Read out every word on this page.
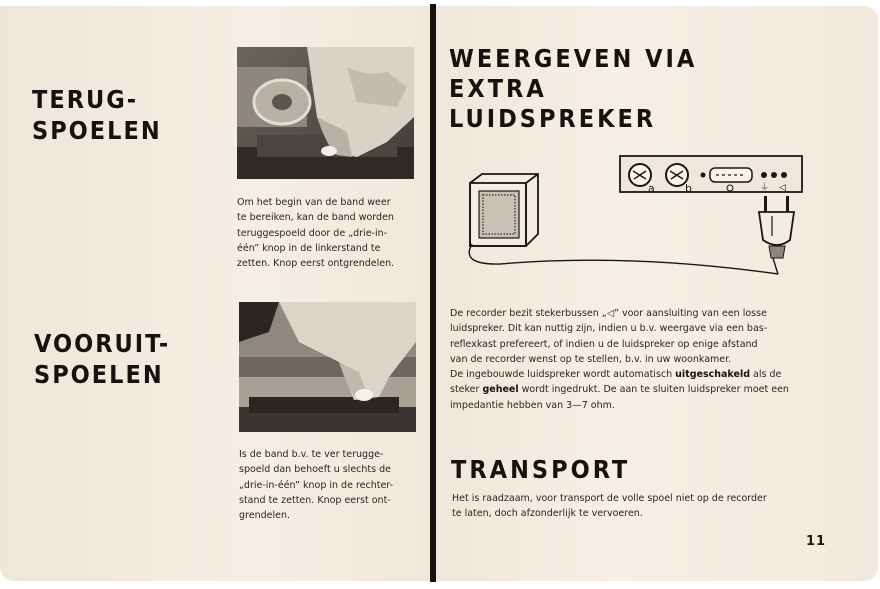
TERUG-
SPOELEN

Om het begin van de band weer
te bereiken, kan de band worden
teruggespoeld door de „drie-in-
één” knop in de linkerstand te
zetten. Knop eerst ontgrendelen.

VOORUIT-
SPOELEN

Is de band b.v. te ver terugge-
spoeld dan behoeft u slechts de
„drie-in-één” knop in de rechter-
stand te zetten. Knop eerst ont-
grendelen.

WEERGEVEN VIA
EXTRA
LUIDSPREKER
a	b	⏚ ◁

De recorder bezit stekerbussen „◁” voor aansluiting van een losse
luidspreker. Dit kan nuttig zijn, indien u b.v. weergave via een bas-
reflexkast prefereert, of indien u de luidspreker op enige afstand
van de recorder wenst op te stellen, b.v. in uw woonkamer.

De ingebouwde luidspreker wordt automatisch uitgeschakeld als de
steker geheel wordt ingedrukt. De aan te sluiten luidspreker moet een
impedantie hebben van 3—7 ohm.

TRANSPORT

Het is raadzaam, voor transport de volle spoel niet op de recorder
te laten, doch afzonderlijk te vervoeren.

11
